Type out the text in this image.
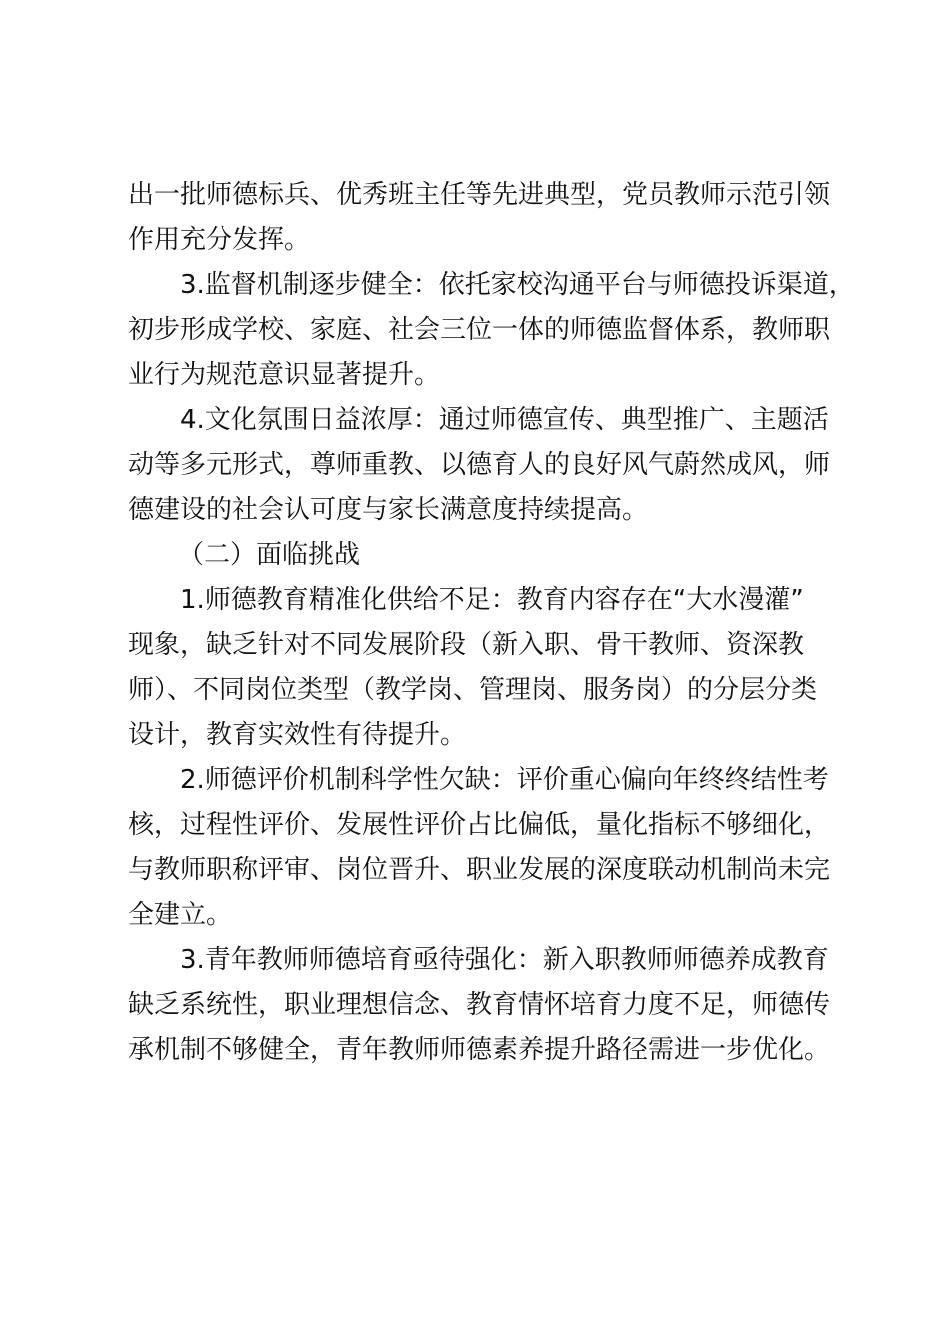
出一批师德标兵、优秀班主任等先进典型，党员教师示范引领
作用充分发挥。
3.监督机制逐步健全：依托家校沟通平台与师德投诉渠道，
初步形成学校、家庭、社会三位一体的师德监督体系，教师职
业行为规范意识显著提升。
4.文化氛围日益浓厚：通过师德宣传、典型推广、主题活
动等多元形式，尊师重教、以德育人的良好风气蔚然成风，师
德建设的社会认可度与家长满意度持续提高。
（二）面临挑战
1.师德教育精准化供给不足：教育内容存在“大水漫灌”
现象，缺乏针对不同发展阶段（新入职、骨干教师、资深教
师）、不同岗位类型（教学岗、管理岗、服务岗）的分层分类
设计，教育实效性有待提升。
2.师德评价机制科学性欠缺：评价重心偏向年终终结性考
核，过程性评价、发展性评价占比偏低，量化指标不够细化，
与教师职称评审、岗位晋升、职业发展的深度联动机制尚未完
全建立。
3.青年教师师德培育亟待强化：新入职教师师德养成教育
缺乏系统性，职业理想信念、教育情怀培育力度不足，师德传
承机制不够健全，青年教师师德素养提升路径需进一步优化。
